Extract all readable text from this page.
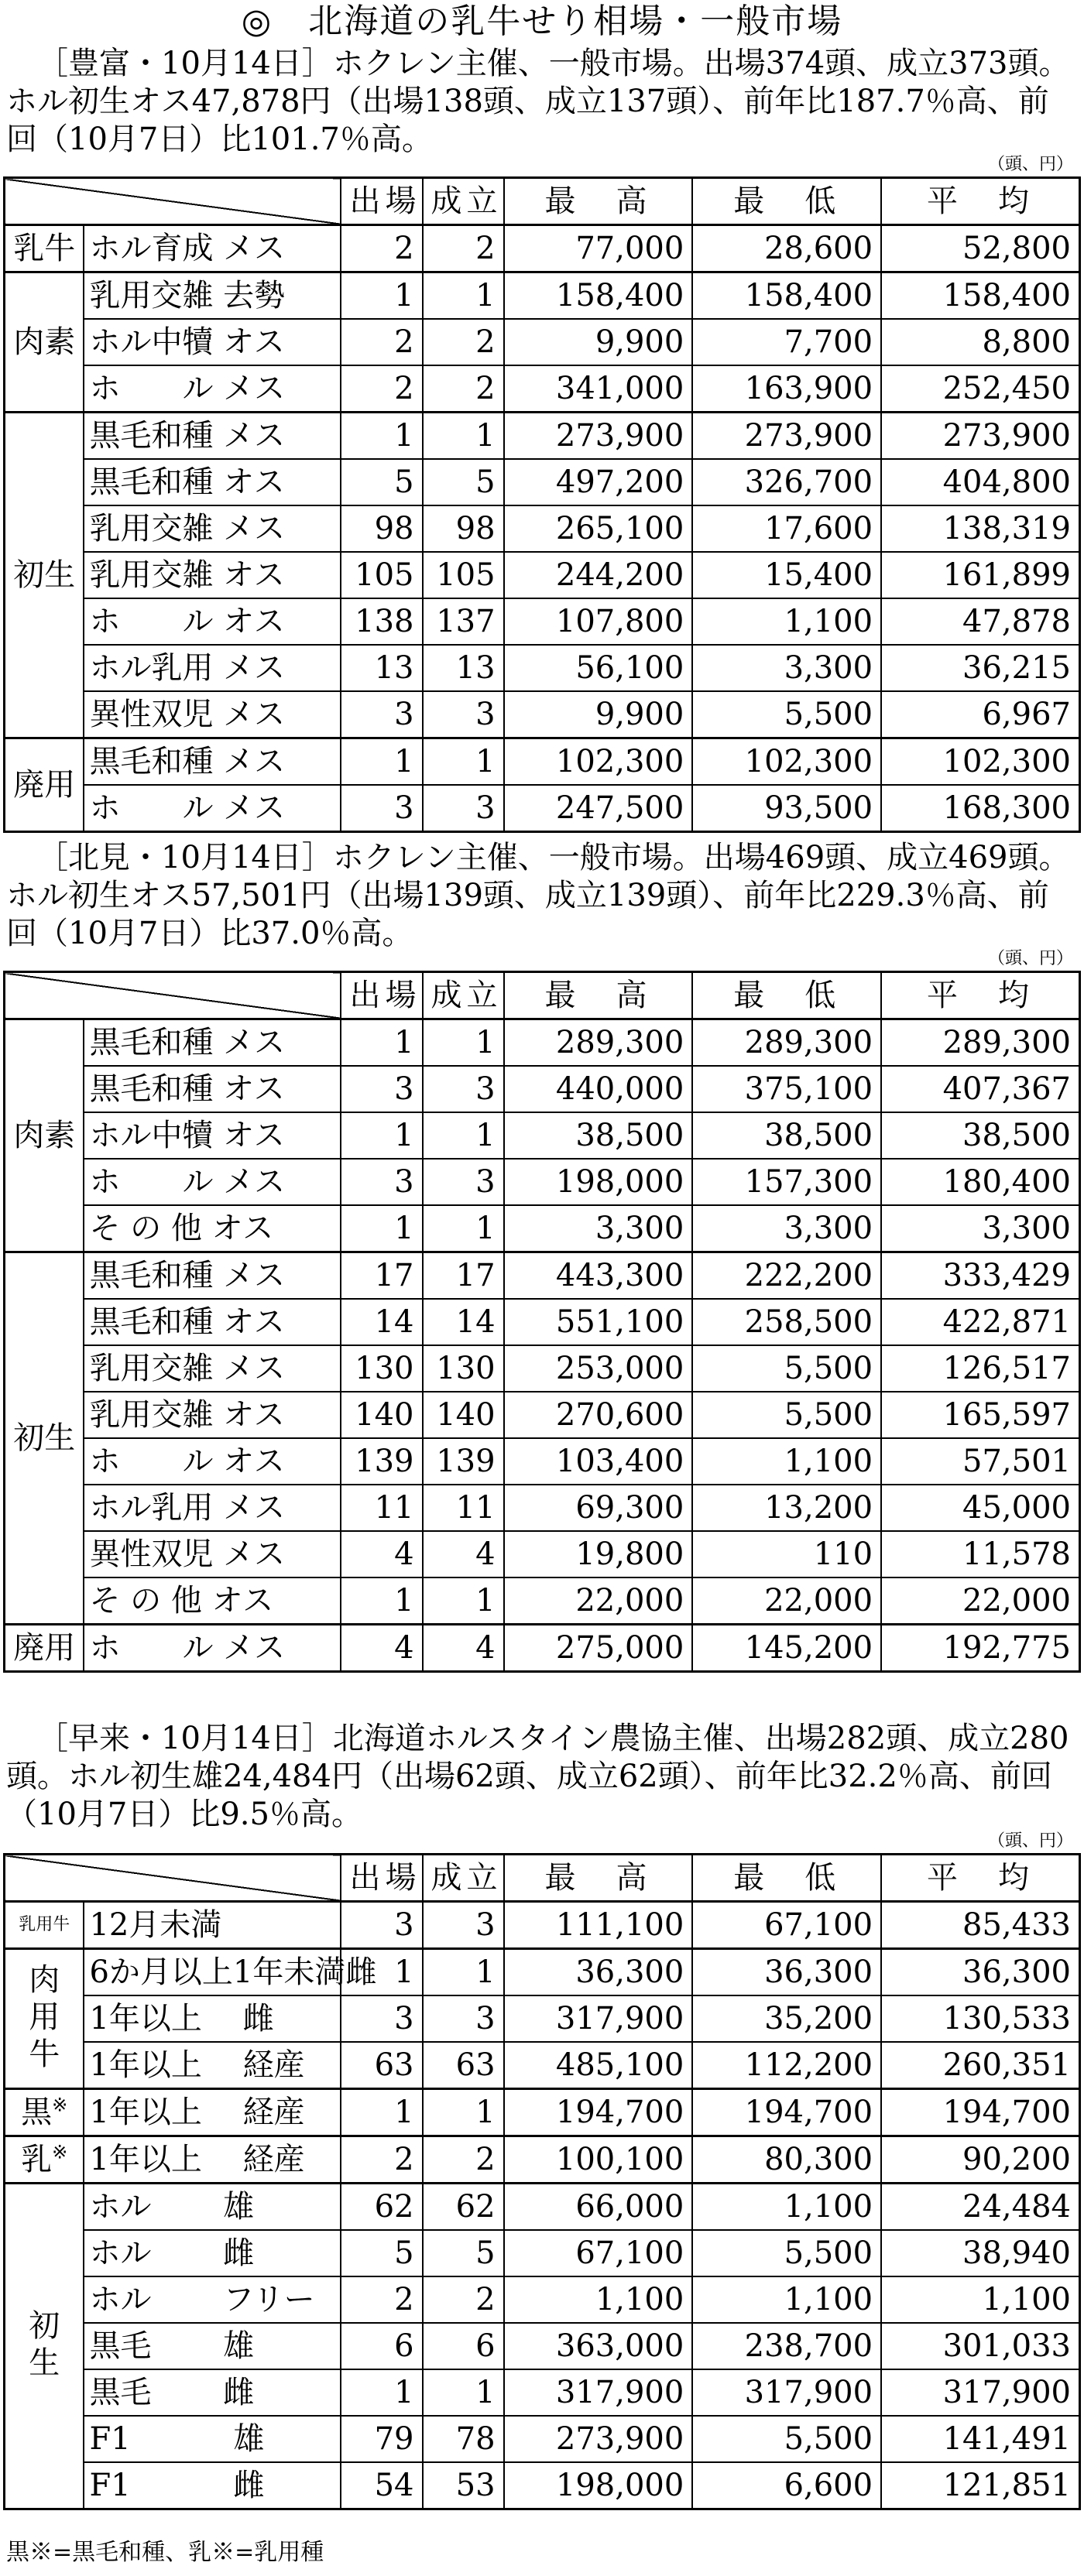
◎　北海道の乳牛せり相場・一般市場
［豊富・10月14日］ホクレン主催、一般市場。出場374頭、成立373頭。ホル初生オス47,878円（出場138頭、成立137頭）、前年比187.7％高、前回（10月7日）比101.7％高。
（頭、円）
		出場	成立	最　高	最　低	平　均
乳牛	ホル育成 メス	2	2	77,000	28,600	52,800
肉素	乳用交雑 去勢	1	1	158,400	158,400	158,400
	ホル中犢 オス	2	2	9,900	7,700	8,800
	ホ　　ル メス	2	2	341,000	163,900	252,450
初生	黒毛和種 メス	1	1	273,900	273,900	273,900
	黒毛和種 オス	5	5	497,200	326,700	404,800
	乳用交雑 メス	98	98	265,100	17,600	138,319
	乳用交雑 オス	105	105	244,200	15,400	161,899
	ホ　　ル オス	138	137	107,800	1,100	47,878
	ホル乳用 メス	13	13	56,100	3,300	36,215
	異性双児 メス	3	3	9,900	5,500	6,967
廃用	黒毛和種 メス	1	1	102,300	102,300	102,300
	ホ　　ル メス	3	3	247,500	93,500	168,300
［北見・10月14日］ホクレン主催、一般市場。出場469頭、成立469頭。ホル初生オス57,501円（出場139頭、成立139頭）、前年比229.3％高、前回（10月7日）比37.0％高。
（頭、円）
		出場	成立	最　高	最　低	平　均
肉素	黒毛和種 メス	1	1	289,300	289,300	289,300
	黒毛和種 オス	3	3	440,000	375,100	407,367
	ホル中犢 オス	1	1	38,500	38,500	38,500
	ホ　　ル メス	3	3	198,000	157,300	180,400
	そ の 他 オス	1	1	3,300	3,300	3,300
初生	黒毛和種 メス	17	17	443,300	222,200	333,429
	黒毛和種 オス	14	14	551,100	258,500	422,871
	乳用交雑 メス	130	130	253,000	5,500	126,517
	乳用交雑 オス	140	140	270,600	5,500	165,597
	ホ　　ル オス	139	139	103,400	1,100	57,501
	ホル乳用 メス	11	11	69,300	13,200	45,000
	異性双児 メス	4	4	19,800	110	11,578
	そ の 他 オス	1	1	22,000	22,000	22,000
廃用	ホ　　ル メス	4	4	275,000	145,200	192,775
［早来・10月14日］北海道ホルスタイン農協主催、出場282頭、成立280頭。ホル初生雄24,484円（出場62頭、成立62頭）、前年比32.2％高、前回（10月7日）比9.5％高。
（頭、円）
		出場	成立	最　高	最　低	平　均
乳用牛	12月未満	3	3	111,100	67,100	85,433
肉用牛	6か月以上1年未満雌	1	1	36,300	36,300	36,300
	1年以上　 雌	3	3	317,900	35,200	130,533
	1年以上　 経産	63	63	485,100	112,200	260,351
黒※	1年以上　 経産	1	1	194,700	194,700	194,700
乳※	1年以上　 経産	2	2	100,100	80,300	90,200
初生	ホル　　 雄	62	62	66,000	1,100	24,484
	ホル　　 雌	5	5	67,100	5,500	38,940
	ホル　　 フリー	2	2	1,100	1,100	1,100
	黒毛　　 雄	6	6	363,000	238,700	301,033
	黒毛　　 雌	1	1	317,900	317,900	317,900
	F1　　　 雄	79	78	273,900	5,500	141,491
	F1　　　 雌	54	53	198,000	6,600	121,851
黒※=黒毛和種、乳※=乳用種
